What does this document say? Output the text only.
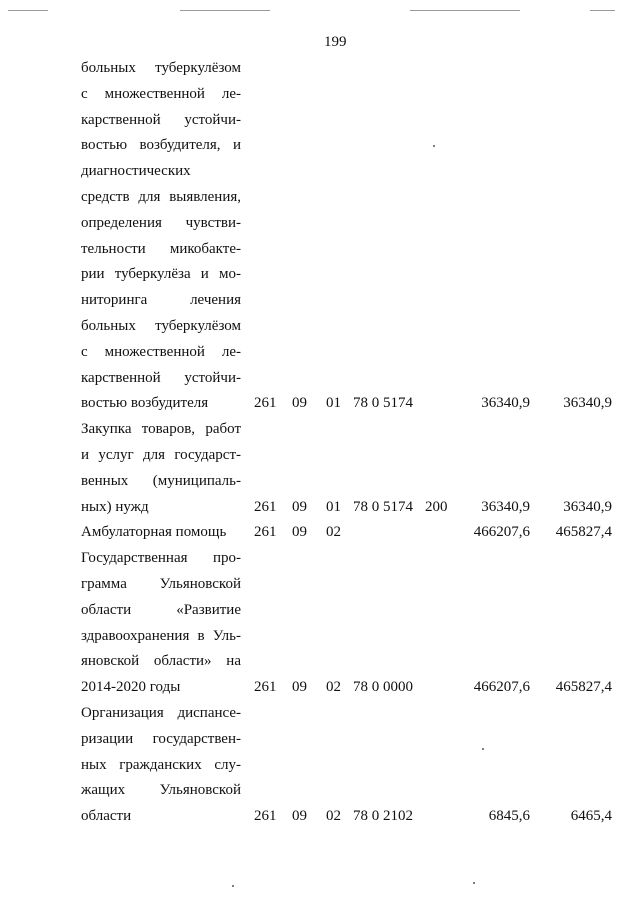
199
больных туберкулёзом
с множественной ле-
карственной устойчи-
востью возбудителя, и
диагностических
средств для выявления,
определения чувстви-
тельности микобакте-
рии туберкулёза и мо-
ниторинга лечения
больных туберкулёзом
с множественной ле-
карственной устойчи-
востью возбудителя	261 09 01 78 0 5174	36340,9	36340,9
Закупка товаров, работ
и услуг для государст-
венных (муниципаль-
ных) нужд	261 09 01 78 0 5174 200	36340,9	36340,9
Амбулаторная помощь	261 09 02	466207,6	465827,4
Государственная про-
грамма Ульяновской
области «Развитие
здравоохранения в Уль-
яновской области» на
2014-2020 годы	261 09 02 78 0 0000	466207,6	465827,4
Организация диспансе-
ризации государствен-
ных гражданских слу-
жащих Ульяновской
области	261 09 02 78 0 2102	6845,6	6465,4
